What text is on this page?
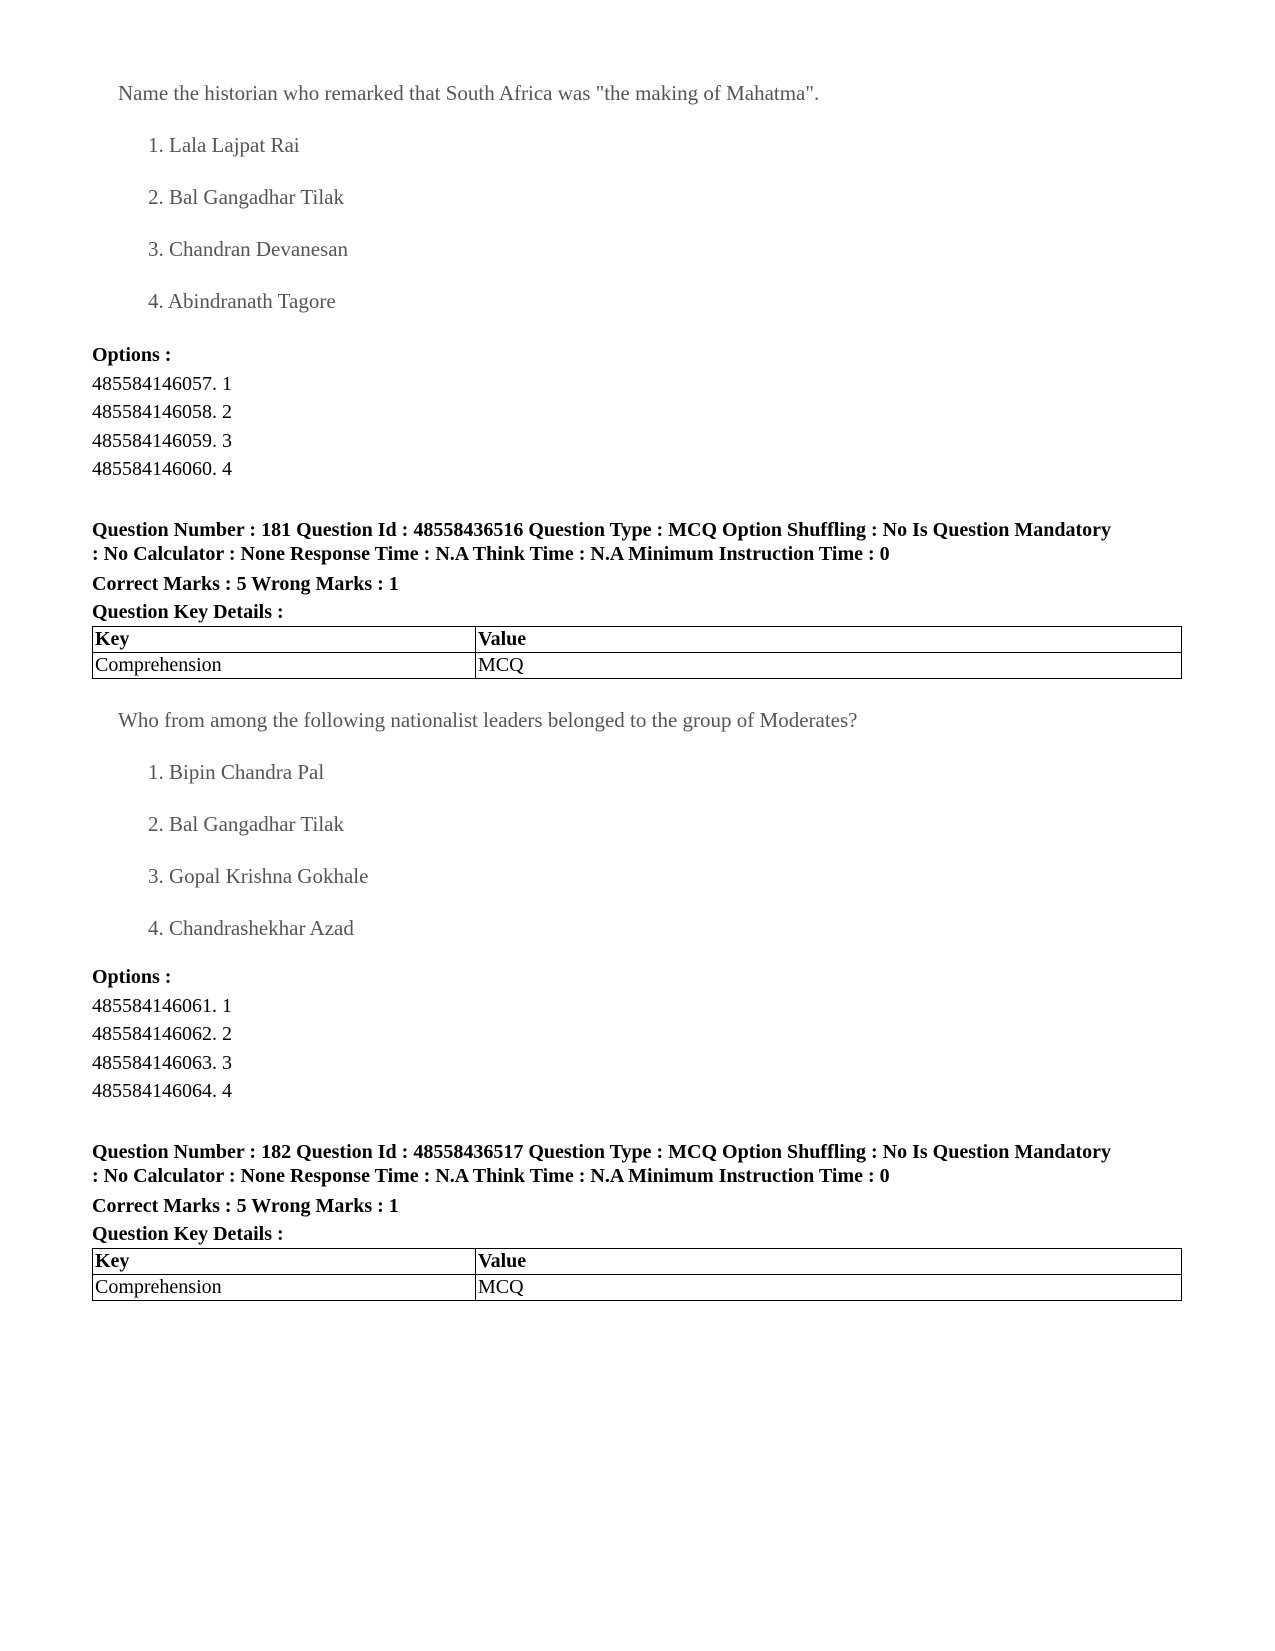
Name the historian who remarked that South Africa was "the making of Mahatma".
1. Lala Lajpat Rai
2. Bal Gangadhar Tilak
3. Chandran Devanesan
4. Abindranath Tagore
Options :
485584146057. 1
485584146058. 2
485584146059. 3
485584146060. 4
Question Number : 181 Question Id : 48558436516 Question Type : MCQ Option Shuffling : No Is Question Mandatory
: No Calculator : None Response Time : N.A Think Time : N.A Minimum Instruction Time : 0
Correct Marks : 5 Wrong Marks : 1
Question Key Details :
Key	Value
Comprehension	MCQ
Who from among the following nationalist leaders belonged to the group of Moderates?
1. Bipin Chandra Pal
2. Bal Gangadhar Tilak
3. Gopal Krishna Gokhale
4. Chandrashekhar Azad
Options :
485584146061. 1
485584146062. 2
485584146063. 3
485584146064. 4
Question Number : 182 Question Id : 48558436517 Question Type : MCQ Option Shuffling : No Is Question Mandatory
: No Calculator : None Response Time : N.A Think Time : N.A Minimum Instruction Time : 0
Correct Marks : 5 Wrong Marks : 1
Question Key Details :
Key	Value
Comprehension	MCQ
